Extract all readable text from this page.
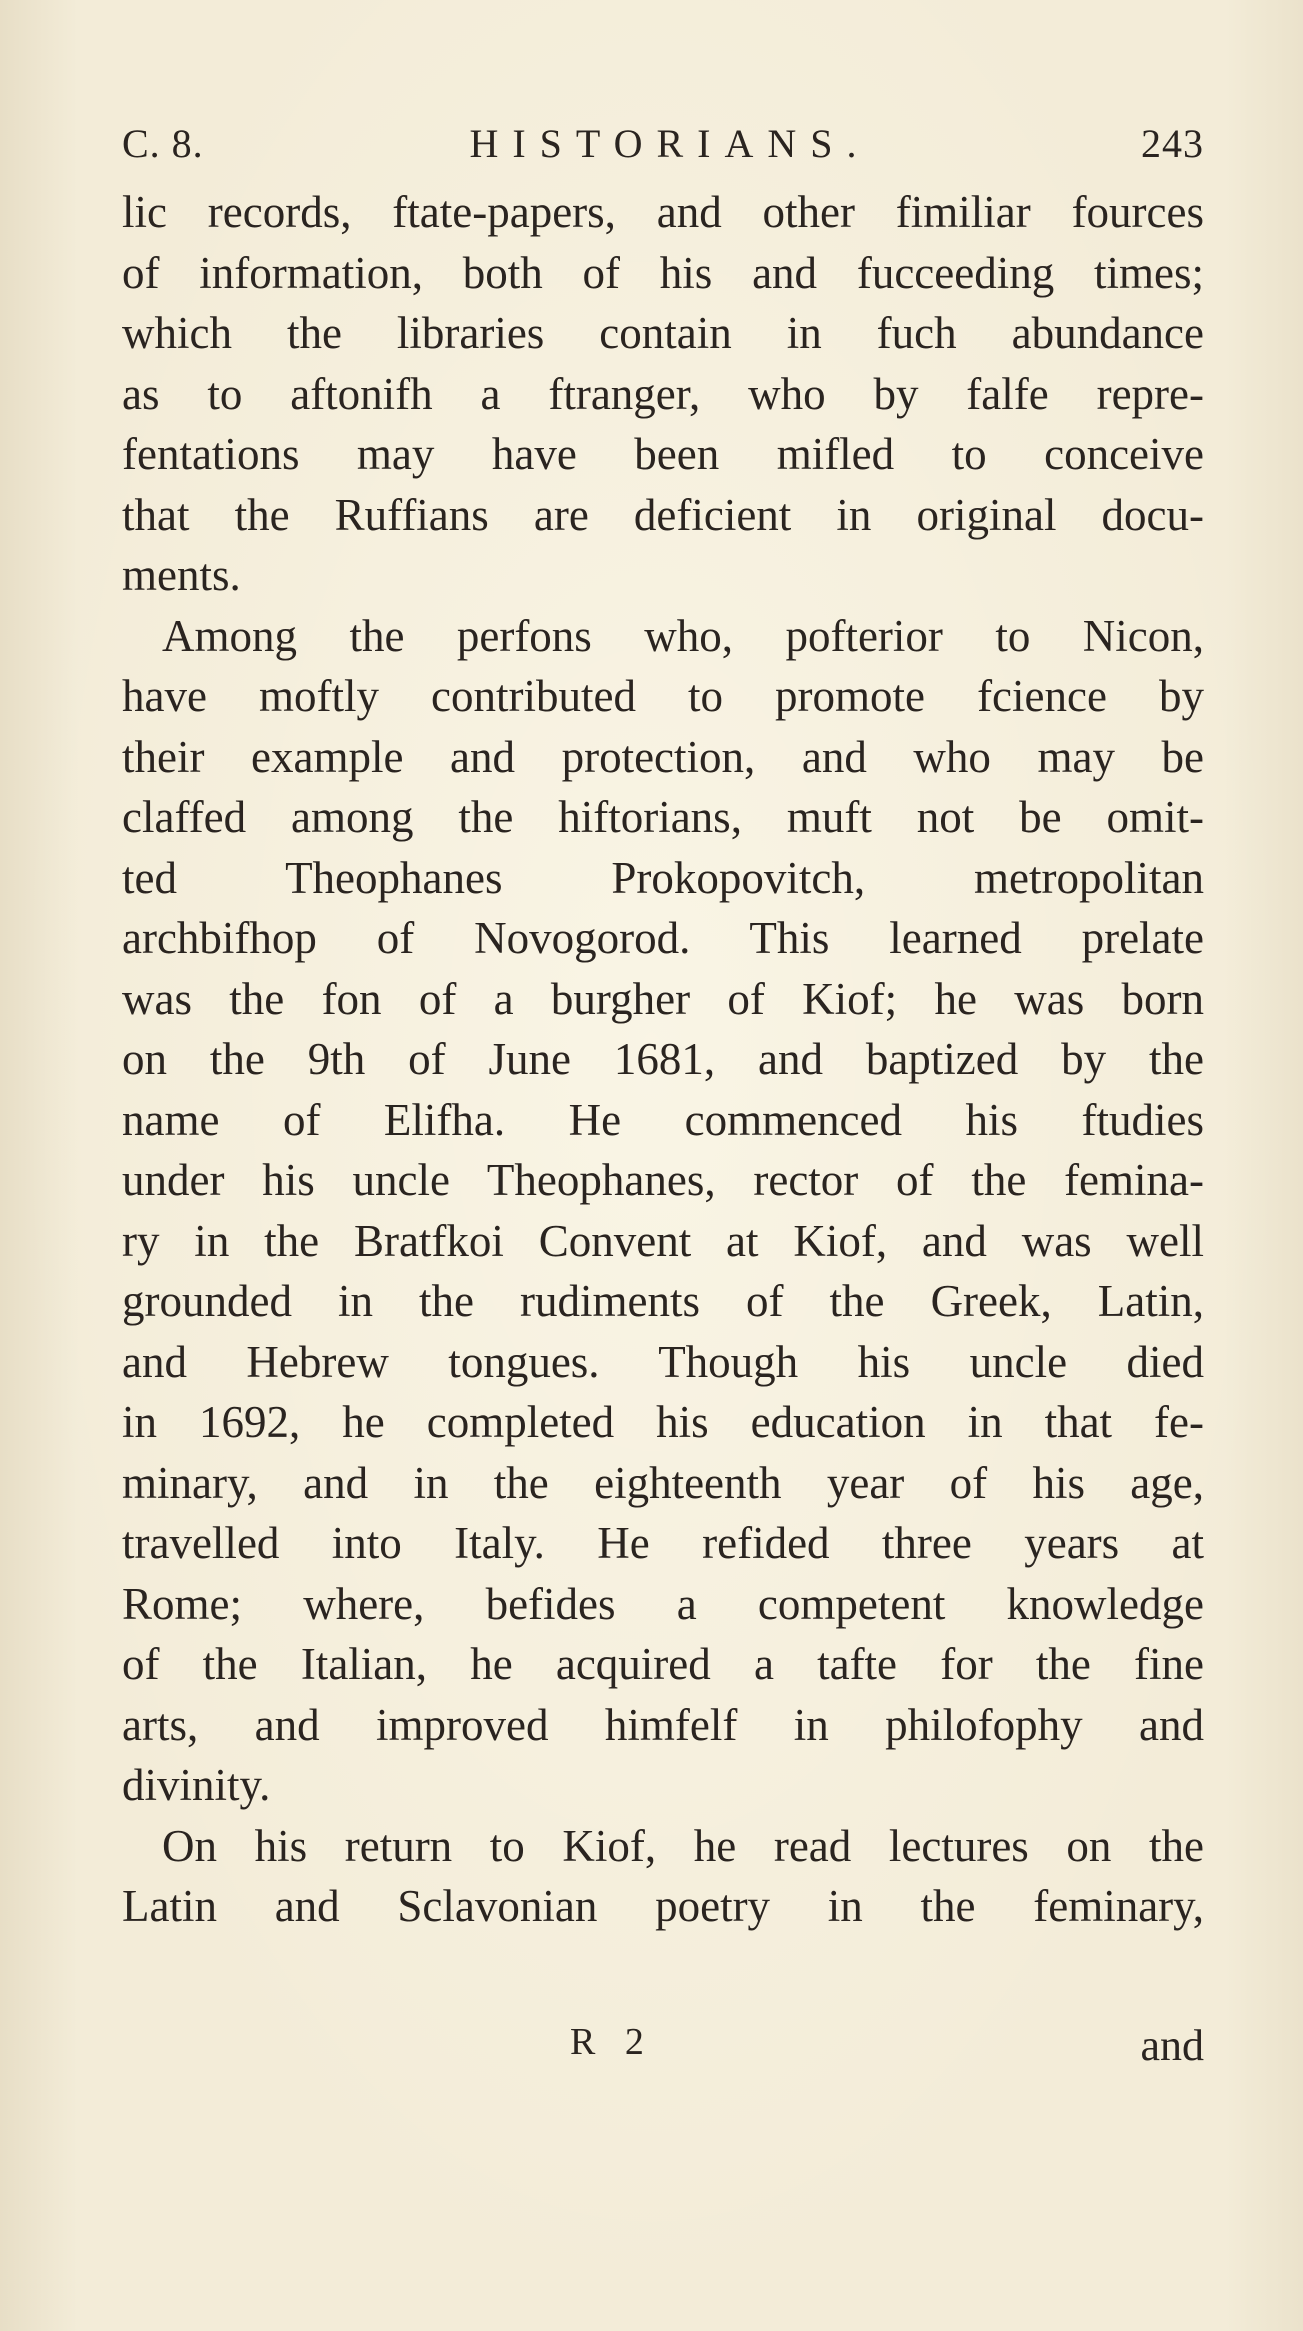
C. 8.	HISTORIANS.	243
lic records, ftate-papers, and other fimiliar fources
of information, both of his and fucceeding times;
which the libraries contain in fuch abundance
as to aftonifh a ftranger, who by falfe repre-
fentations may have been mifled to conceive
that the Ruffians are deficient in original docu-
ments.
Among the perfons who, pofterior to Nicon,
have moftly contributed to promote fcience by
their example and protection, and who may be
claffed among the hiftorians, muft not be omit-
ted Theophanes Prokopovitch, metropolitan
archbifhop of Novogorod. This learned prelate
was the fon of a burgher of Kiof; he was born
on the 9th of June 1681, and baptized by the
name of Elifha. He commenced his ftudies
under his uncle Theophanes, rector of the femina-
ry in the Bratfkoi Convent at Kiof, and was well
grounded in the rudiments of the Greek, Latin,
and Hebrew tongues. Though his uncle died
in 1692, he completed his education in that fe-
minary, and in the eighteenth year of his age,
travelled into Italy. He refided three years at
Rome; where, befides a competent knowledge
of the Italian, he acquired a tafte for the fine
arts, and improved himfelf in philofophy and
divinity.
On his return to Kiof, he read lectures on the
Latin and Sclavonian poetry in the feminary,
R 2	and
